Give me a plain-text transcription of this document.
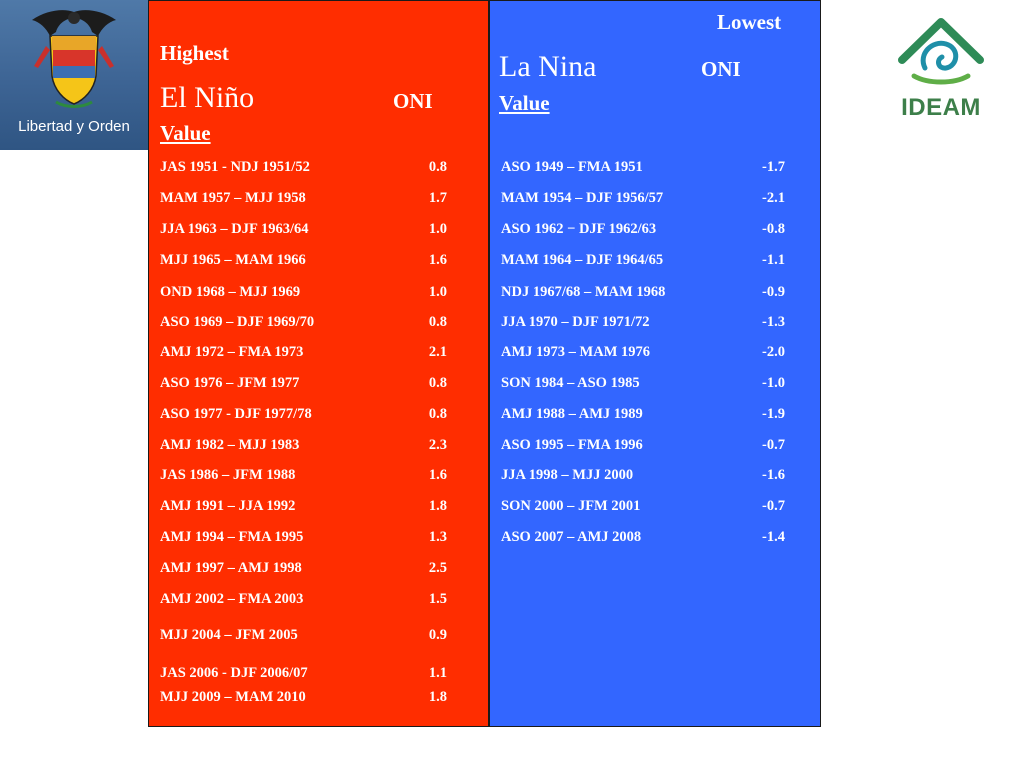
Libertad y Orden
Highest
El Niño	ONI
Value
JAS 1951 - NDJ 1951/52	0.8
MAM 1957 – MJJ 1958	1.7
JJA 1963 – DJF 1963/64	1.0
MJJ 1965 – MAM 1966	1.6
OND 1968 – MJJ 1969	1.0
ASO 1969 – DJF 1969/70	0.8
AMJ 1972 – FMA 1973	2.1
ASO 1976 – JFM 1977	0.8
ASO 1977 - DJF 1977/78	0.8
AMJ 1982 – MJJ 1983	2.3
JAS 1986 – JFM 1988	1.6
AMJ 1991 – JJA 1992	1.8
AMJ 1994 – FMA 1995	1.3
AMJ 1997 – AMJ 1998	2.5
AMJ 2002 – FMA 2003	1.5
MJJ 2004 – JFM 2005	0.9
JAS 2006 - DJF 2006/07	1.1
MJJ 2009 – MAM 2010	1.8
Lowest
La Nina	ONI
Value
ASO 1949 – FMA 1951	-1.7
MAM 1954 – DJF 1956/57	-2.1
ASO 1962 − DJF 1962/63	-0.8
MAM 1964 – DJF 1964/65	-1.1
NDJ 1967/68 – MAM 1968	-0.9
JJA 1970 – DJF 1971/72	-1.3
AMJ 1973 – MAM 1976	-2.0
SON 1984 – ASO 1985	-1.0
AMJ 1988 – AMJ 1989	-1.9
ASO 1995 – FMA 1996	-0.7
JJA 1998 – MJJ 2000	-1.6
SON 2000 – JFM 2001	-0.7
ASO 2007 – AMJ 2008	-1.4
IDEAM
